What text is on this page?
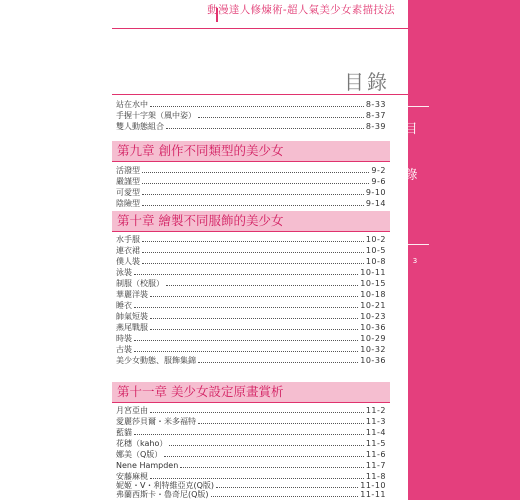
動漫達人修煉術-超人氣美少女素描技法
目
錄
3
目錄
站在水中	8-33
手握十字架（風中姿）	8-37
雙人動態組合	8-39
第九章 創作不同類型的美少女
活潑型	9-2
嚴謹型	9-6
可愛型	9-10
陰險型	9-14
第十章 繪製不同服飾的美少女
水手服	10-2
連衣裙	10-5
僕人裝	10-8
泳裝	10-11
制服（校服）	10-15
華麗洋裝	10-18
睡衣	10-21
帥氣短裝	10-23
燕尾戰服	10-36
時裝	10-29
古裝	10-32
美少女動態、服飾集錦	10-36
第十一章 美少女設定原畫賞析
月宮亞由	11-2
愛麗莎貝爾・米多福特	11-3
藍貓	11-4
花穗（kaho）	11-5
娜美（Q版）	11-6
Nene Hampden	11-7
安藤麻梘	11-8
妮姬・V・利特維亞克(Q版)	11-10
弗蘭西斯卡・魯奇尼(Q版)	11-11
